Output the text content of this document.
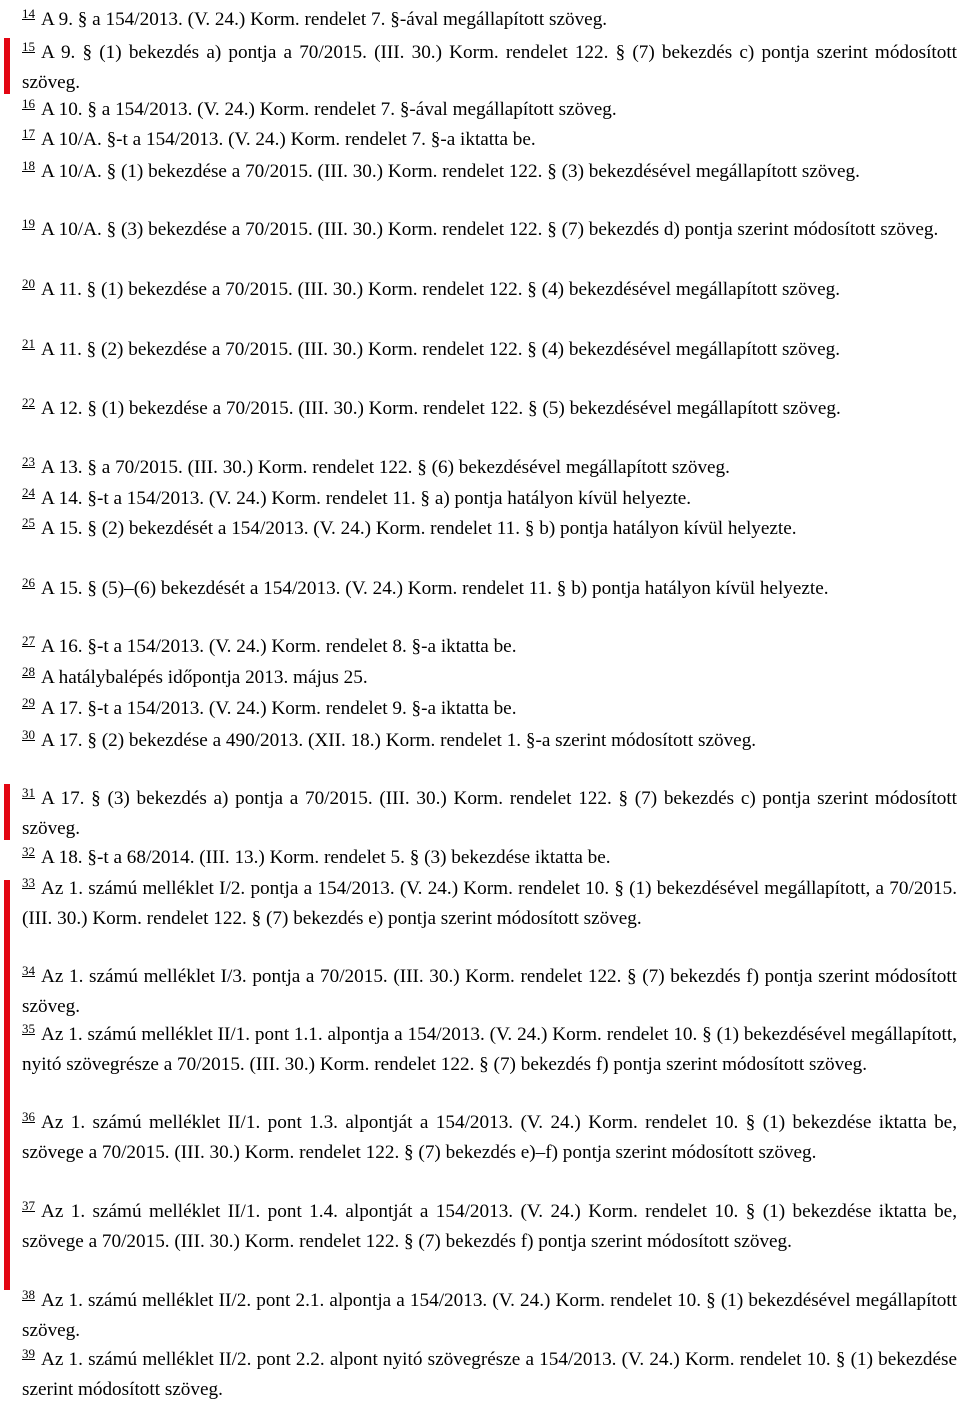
$^{14}$ A 9. § a 154/2013. (V. 24.) Korm. rendelet 7. §-ával megállapított szöveg.
$^{15}$ A 9. § (1) bekezdés a) pontja a 70/2015. (III. 30.) Korm. rendelet 122. § (7) bekezdés c) pontja szerint módosított szöveg.
$^{16}$ A 10. § a 154/2013. (V. 24.) Korm. rendelet 7. §-ával megállapított szöveg.
$^{17}$ A 10/A. §-t a 154/2013. (V. 24.) Korm. rendelet 7. §-a iktatta be.
$^{18}$ A 10/A. § (1) bekezdése a 70/2015. (III. 30.) Korm. rendelet 122. § (3) bekezdésével megállapított szöveg.
$^{19}$ A 10/A. § (3) bekezdése a 70/2015. (III. 30.) Korm. rendelet 122. § (7) bekezdés d) pontja szerint módosított szöveg.
$^{20}$ A 11. § (1) bekezdése a 70/2015. (III. 30.) Korm. rendelet 122. § (4) bekezdésével megállapított szöveg.
$^{21}$ A 11. § (2) bekezdése a 70/2015. (III. 30.) Korm. rendelet 122. § (4) bekezdésével megállapított szöveg.
$^{22}$ A 12. § (1) bekezdése a 70/2015. (III. 30.) Korm. rendelet 122. § (5) bekezdésével megállapított szöveg.
$^{23}$ A 13. § a 70/2015. (III. 30.) Korm. rendelet 122. § (6) bekezdésével megállapított szöveg.
$^{24}$ A 14. §-t a 154/2013. (V. 24.) Korm. rendelet 11. § a) pontja hatályon kívül helyezte.
$^{25}$ A 15. § (2) bekezdését a 154/2013. (V. 24.) Korm. rendelet 11. § b) pontja hatályon kívül helyezte.
$^{26}$ A 15. § (5)–(6) bekezdését a 154/2013. (V. 24.) Korm. rendelet 11. § b) pontja hatályon kívül helyezte.
$^{27}$ A 16. §-t a 154/2013. (V. 24.) Korm. rendelet 8. §-a iktatta be.
$^{28}$ A hatálybalépés időpontja 2013. május 25.
$^{29}$ A 17. §-t a 154/2013. (V. 24.) Korm. rendelet 9. §-a iktatta be.
$^{30}$ A 17. § (2) bekezdése a 490/2013. (XII. 18.) Korm. rendelet 1. §-a szerint módosított szöveg.
$^{31}$ A 17. § (3) bekezdés a) pontja a 70/2015. (III. 30.) Korm. rendelet 122. § (7) bekezdés c) pontja szerint módosított szöveg.
$^{32}$ A 18. §-t a 68/2014. (III. 13.) Korm. rendelet 5. § (3) bekezdése iktatta be.
$^{33}$ Az 1. számú melléklet I/2. pontja a 154/2013. (V. 24.) Korm. rendelet 10. § (1) bekezdésével megállapított, a 70/2015. (III. 30.) Korm. rendelet 122. § (7) bekezdés e) pontja szerint módosított szöveg.
$^{34}$ Az 1. számú melléklet I/3. pontja a 70/2015. (III. 30.) Korm. rendelet 122. § (7) bekezdés f) pontja szerint módosított szöveg.
$^{35}$ Az 1. számú melléklet II/1. pont 1.1. alpontja a 154/2013. (V. 24.) Korm. rendelet 10. § (1) bekezdésével megállapított, nyitó szövegrésze a 70/2015. (III. 30.) Korm. rendelet 122. § (7) bekezdés f) pontja szerint módosított szöveg.
$^{36}$ Az 1. számú melléklet II/1. pont 1.3. alpontját a 154/2013. (V. 24.) Korm. rendelet 10. § (1) bekezdése iktatta be, szövege a 70/2015. (III. 30.) Korm. rendelet 122. § (7) bekezdés e)–f) pontja szerint módosított szöveg.
$^{37}$ Az 1. számú melléklet II/1. pont 1.4. alpontját a 154/2013. (V. 24.) Korm. rendelet 10. § (1) bekezdése iktatta be, szövege a 70/2015. (III. 30.) Korm. rendelet 122. § (7) bekezdés f) pontja szerint módosított szöveg.
$^{38}$ Az 1. számú melléklet II/2. pont 2.1. alpontja a 154/2013. (V. 24.) Korm. rendelet 10. § (1) bekezdésével megállapított szöveg.
$^{39}$ Az 1. számú melléklet II/2. pont 2.2. alpont nyitó szövegrésze a 154/2013. (V. 24.) Korm. rendelet 10. § (1) bekezdése szerint módosított szöveg.
